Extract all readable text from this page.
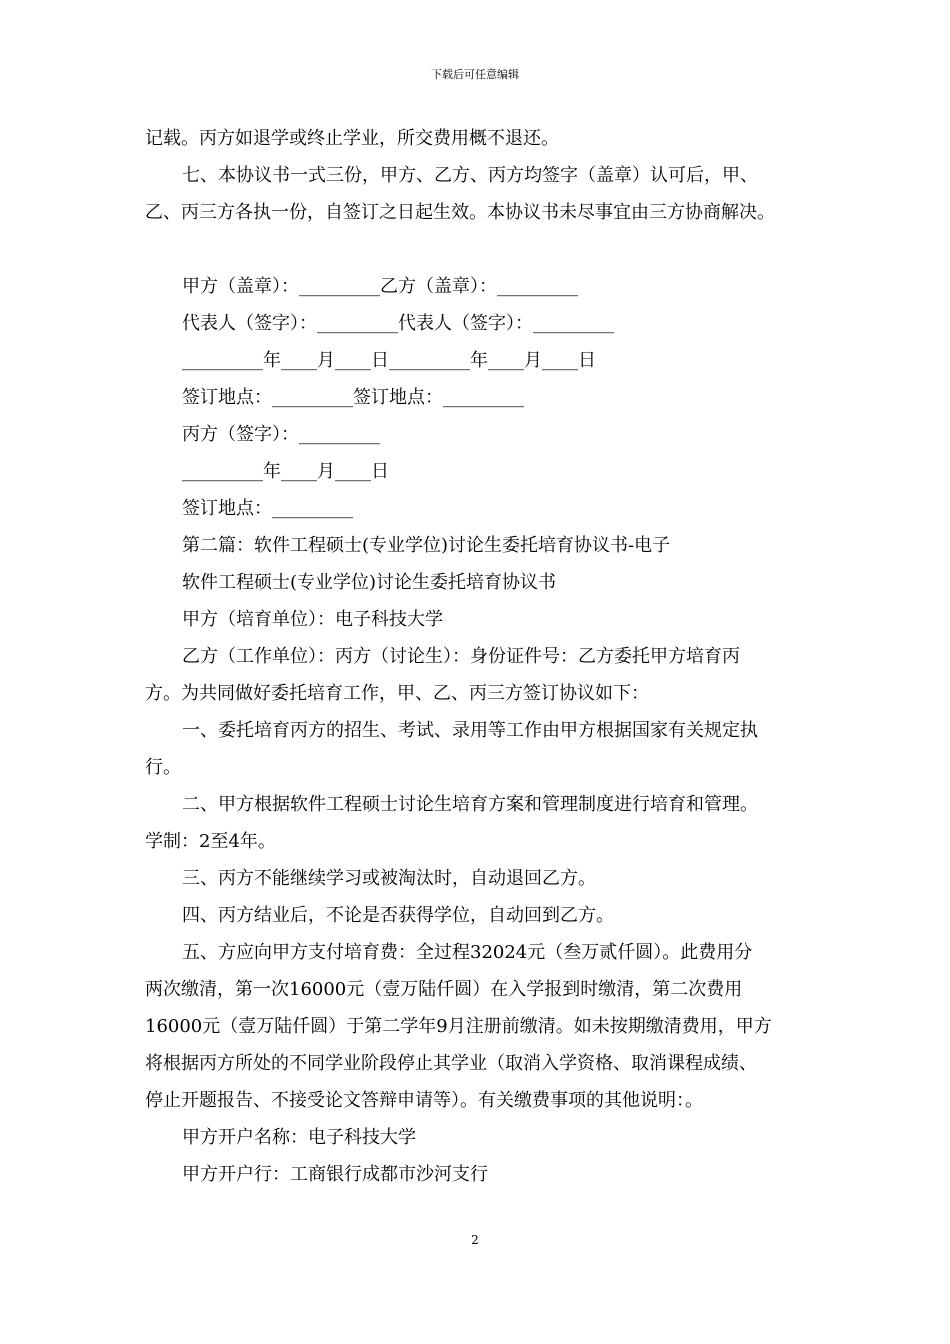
下载后可任意编辑
记载。丙方如退学或终止学业，所交费用概不退还。
七、本协议书一式三份，甲方、乙方、丙方均签字（盖章）认可后，甲、
乙、丙三方各执一份，自签订之日起生效。本协议书未尽事宜由三方协商解决。
甲方（盖章）：_________乙方（盖章）：_________
代表人（签字）：_________代表人（签字）：_________
_________年____月____日_________年____月____日
签订地点：_________签订地点：_________
丙方（签字）：_________
_________年____月____日
签订地点：_________
第二篇：软件工程硕士(专业学位)讨论生委托培育协议书-电子
软件工程硕士(专业学位)讨论生委托培育协议书
甲方（培育单位）：电子科技大学
乙方（工作单位）：丙方（讨论生）：身份证件号：乙方委托甲方培育丙
方。为共同做好委托培育工作，甲、乙、丙三方签订协议如下：
一、委托培育丙方的招生、考试、录用等工作由甲方根据国家有关规定执
行。
二、甲方根据软件工程硕士讨论生培育方案和管理制度进行培育和管理。
学制：2至4年。
三、丙方不能继续学习或被淘汰时，自动退回乙方。
四、丙方结业后，不论是否获得学位，自动回到乙方。
五、方应向甲方支付培育费：全过程32024元（叁万贰仟圆）。此费用分
两次缴清，第一次16000元（壹万陆仟圆）在入学报到时缴清，第二次费用
16000元（壹万陆仟圆）于第二学年9月注册前缴清。如未按期缴清费用，甲方
将根据丙方所处的不同学业阶段停止其学业（取消入学资格、取消课程成绩、
停止开题报告、不接受论文答辩申请等）。有关缴费事项的其他说明：。
甲方开户名称：电子科技大学
甲方开户行：工商银行成都市沙河支行
2
